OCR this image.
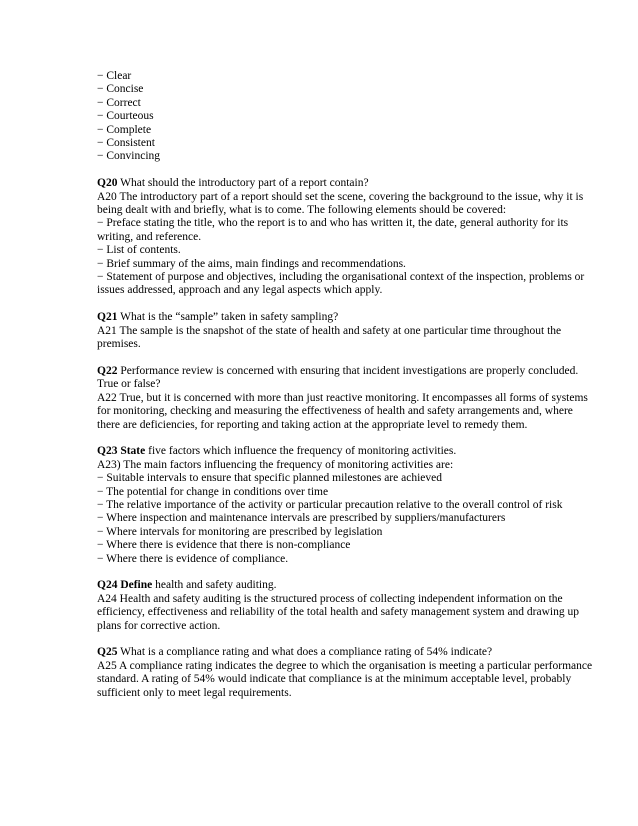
− Clear
− Concise
− Correct
− Courteous
− Complete
− Consistent
− Convincing

Q20 What should the introductory part of a report contain?

A20 The introductory part of a report should set the scene, covering the background to the issue, why it is being dealt with and briefly, what is to come. The following elements should be covered:

− Preface stating the title, who the report is to and who has written it, the date, general authority for its writing, and reference.

− List of contents.

− Brief summary of the aims, main findings and recommendations.

− Statement of purpose and objectives, including the organisational context of the inspection, problems or issues addressed, approach and any legal aspects which apply.

Q21 What is the “sample” taken in safety sampling?

A21 The sample is the snapshot of the state of health and safety at one particular time throughout the premises.

Q22 Performance review is concerned with ensuring that incident investigations are properly concluded. True or false?

A22 True, but it is concerned with more than just reactive monitoring. It encompasses all forms of systems for monitoring, checking and measuring the effectiveness of health and safety arrangements and, where there are deficiencies, for reporting and taking action at the appropriate level to remedy them.

Q23 State five factors which influence the frequency of monitoring activities.

A23) The main factors influencing the frequency of monitoring activities are:

− Suitable intervals to ensure that specific planned milestones are achieved

− The potential for change in conditions over time

− The relative importance of the activity or particular precaution relative to the overall control of risk

− Where inspection and maintenance intervals are prescribed by suppliers/manufacturers

− Where intervals for monitoring are prescribed by legislation

− Where there is evidence that there is non-compliance

− Where there is evidence of compliance.

Q24 Define health and safety auditing.

A24 Health and safety auditing is the structured process of collecting independent information on the efficiency, effectiveness and reliability of the total health and safety management system and drawing up plans for corrective action.

Q25 What is a compliance rating and what does a compliance rating of 54% indicate?

A25 A compliance rating indicates the degree to which the organisation is meeting a particular performance standard. A rating of 54% would indicate that compliance is at the minimum acceptable level, probably sufficient only to meet legal requirements.
